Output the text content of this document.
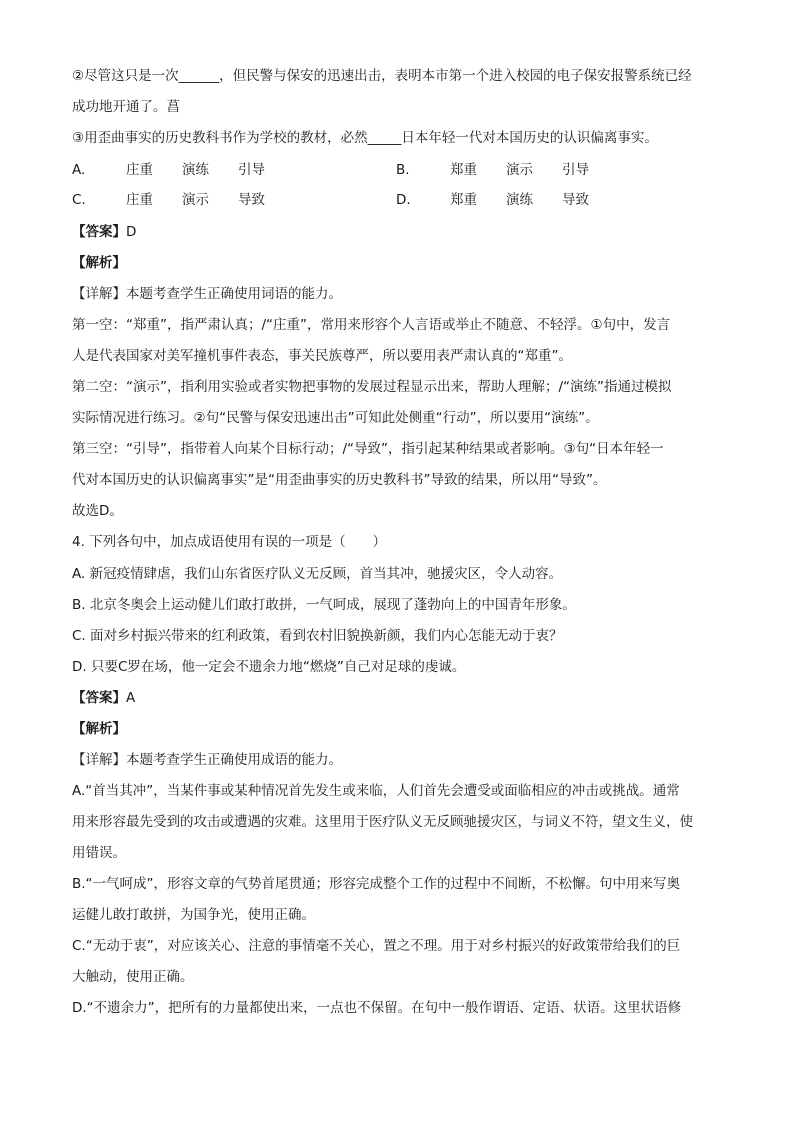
②尽管这只是一次______，但民警与保安的迅速出击，表明本市第一个进入校园的电子保安报警系统已经
成功地开通了。菖
③用歪曲事实的历史教科书作为学校的教材，必然_____日本年轻一代对本国历史的认识偏离事实。
A.	庄重 演练 引导	B.	郑重 演示 引导
C.	庄重 演示 导致	D.	郑重 演练 导致
【答案】D
【解析】
【详解】本题考查学生正确使用词语的能力。
第一空：“郑重”，指严肃认真；/“庄重”，常用来形容个人言语或举止不随意、不轻浮。①句中，发言
人是代表国家对美军撞机事件表态，事关民族尊严，所以要用表严肃认真的“郑重”。
第二空：“演示”，指利用实验或者实物把事物的发展过程显示出来，帮助人理解；/“演练”指通过模拟
实际情况进行练习。②句“民警与保安迅速出击”可知此处侧重“行动”，所以要用“演练”。
第三空：“引导”，指带着人向某个目标行动；/“导致”，指引起某种结果或者影响。③句“日本年轻一
代对本国历史的认识偏离事实”是“用歪曲事实的历史教科书”导致的结果，所以用“导致”。
故选D。
4. 下列各句中，加点成语使用有误的一项是（　　）
A. 新冠疫情肆虐，我们山东省医疗队义无反顾，首当其冲，驰援灾区，令人动容。
B. 北京冬奥会上运动健儿们敢打敢拼，一气呵成，展现了蓬勃向上的中国青年形象。
C. 面对乡村振兴带来的红利政策，看到农村旧貌换新颜，我们内心怎能无动于衷？
D. 只要C罗在场，他一定会不遗余力地“燃烧”自己对足球的虔诚。
【答案】A
【解析】
【详解】本题考查学生正确使用成语的能力。
A.“首当其冲”，当某件事或某种情况首先发生或来临，人们首先会遭受或面临相应的冲击或挑战。通常
用来形容最先受到的攻击或遭遇的灾难。这里用于医疗队义无反顾驰援灾区，与词义不符，望文生义，使
用错误。
B.“一气呵成”，形容文章的气势首尾贯通；形容完成整个工作的过程中不间断，不松懈。句中用来写奥
运健儿敢打敢拼，为国争光，使用正确。
C.“无动于衷”，对应该关心、注意的事情毫不关心，置之不理。用于对乡村振兴的好政策带给我们的巨
大触动，使用正确。
D.“不遗余力”，把所有的力量都使出来，一点也不保留。在句中一般作谓语、定语、状语。这里状语修
